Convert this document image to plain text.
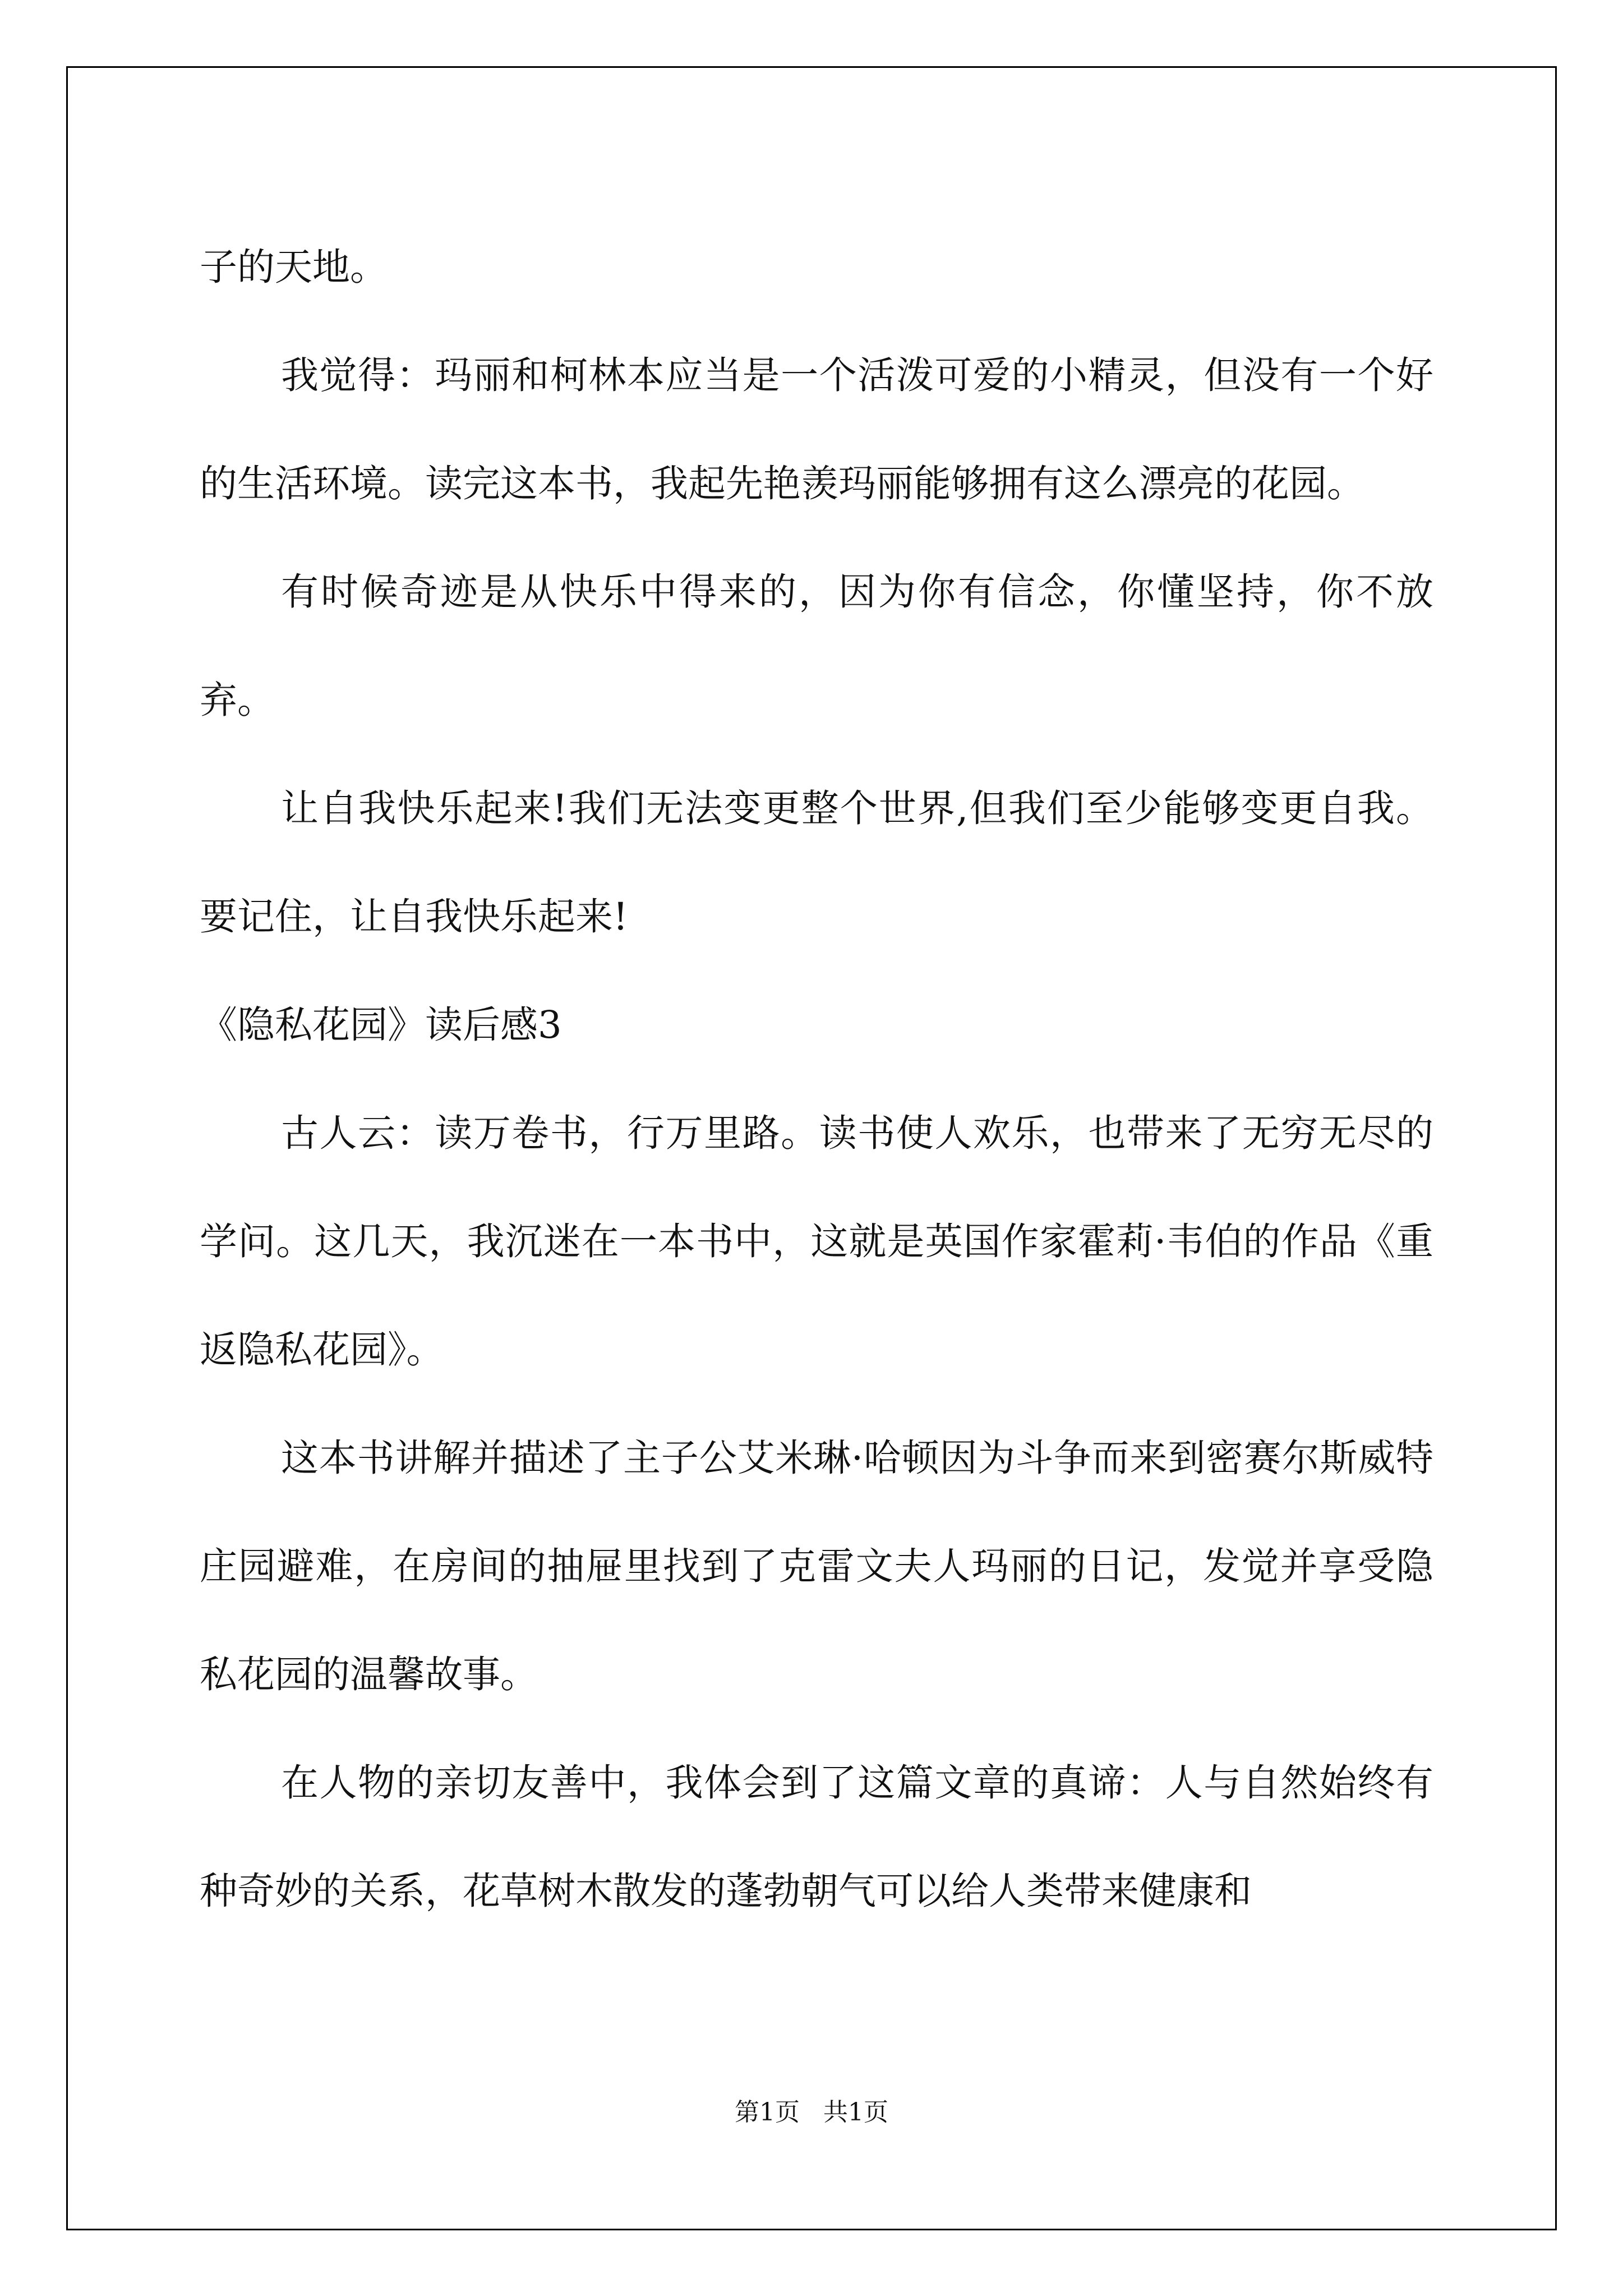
子的天地。

我觉得：玛丽和柯林本应当是一个活泼可爱的小精灵，但没有一个好的生活环境。读完这本书，我起先艳羡玛丽能够拥有这么漂亮的花园。

有时候奇迹是从快乐中得来的，因为你有信念，你懂坚持，你不放弃。

让自我快乐起来!我们无法变更整个世界,但我们至少能够变更自我。要记住，让自我快乐起来!

《隐私花园》读后感3

古人云：读万卷书，行万里路。读书使人欢乐，也带来了无穷无尽的学问。这几天，我沉迷在一本书中，这就是英国作家霍莉·韦伯的作品《重返隐私花园》。

这本书讲解并描述了主子公艾米琳·哈顿因为斗争而来到密赛尔斯威特庄园避难，在房间的抽屉里找到了克雷文夫人玛丽的日记，发觉并享受隐私花园的温馨故事。

在人物的亲切友善中，我体会到了这篇文章的真谛：人与自然始终有种奇妙的关系，花草树木散发的蓬勃朝气可以给人类带来健康和

第1页   共1页
